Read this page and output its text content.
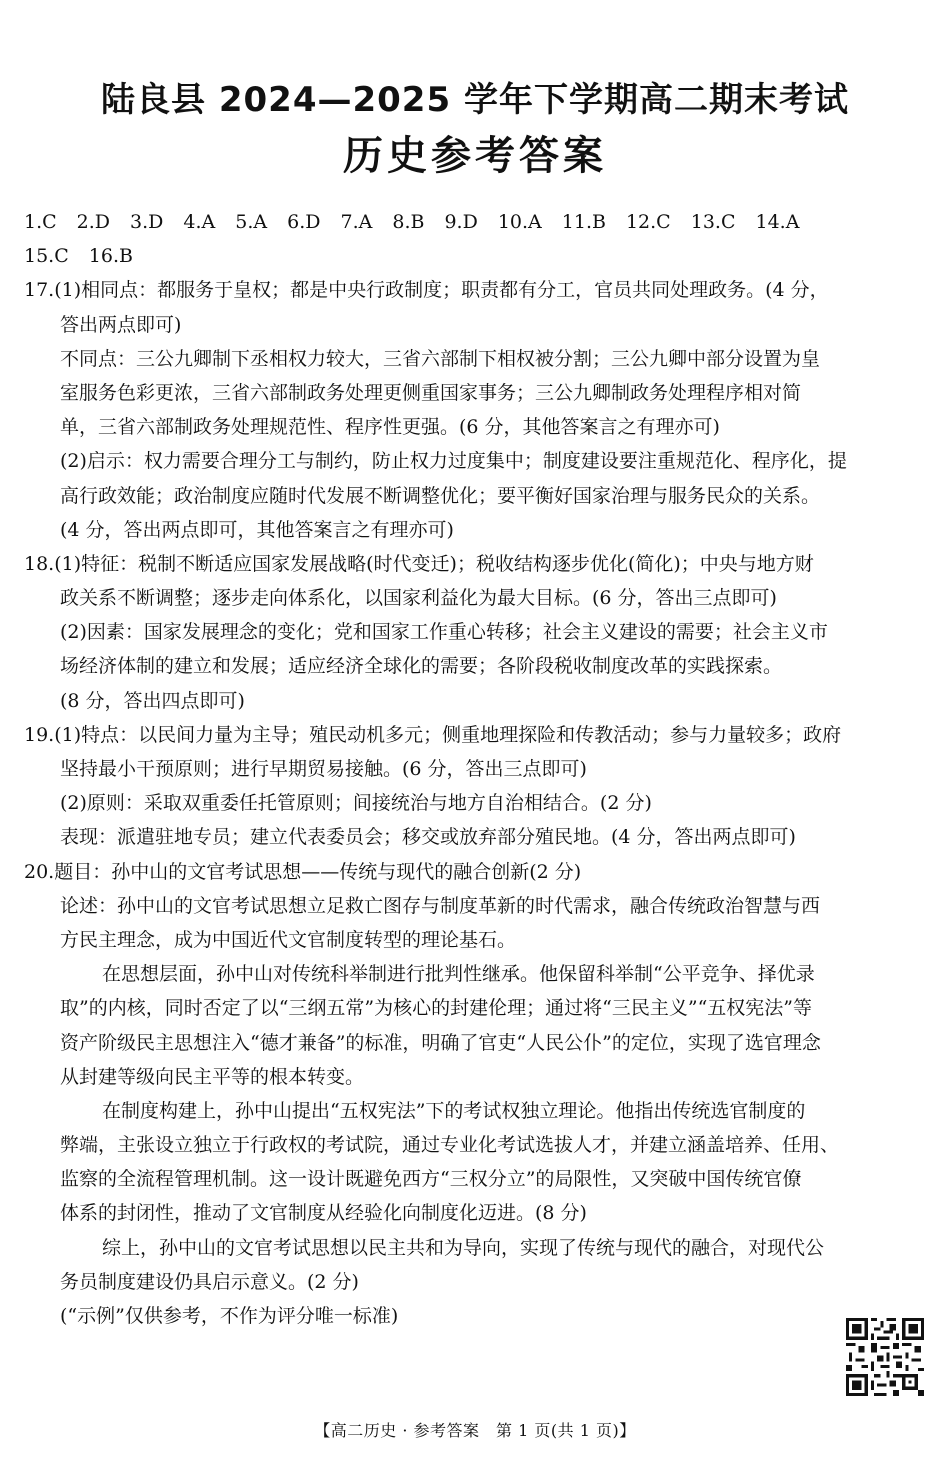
陆良县 2024—2025 学年下学期高二期末考试
历史参考答案
1.C 2.D 3.D 4.A 5.A 6.D 7.A 8.B 9.D 10.A 11.B 12.C 13.C 14.A
15.C 16.B
17.(1)相同点：都服务于皇权；都是中央行政制度；职责都有分工，官员共同处理政务。(4 分，
答出两点即可)
不同点：三公九卿制下丞相权力较大，三省六部制下相权被分割；三公九卿中部分设置为皇
室服务色彩更浓，三省六部制政务处理更侧重国家事务；三公九卿制政务处理程序相对简
单，三省六部制政务处理规范性、程序性更强。(6 分，其他答案言之有理亦可)
(2)启示：权力需要合理分工与制约，防止权力过度集中；制度建设要注重规范化、程序化，提
高行政效能；政治制度应随时代发展不断调整优化；要平衡好国家治理与服务民众的关系。
(4 分，答出两点即可，其他答案言之有理亦可)
18.(1)特征：税制不断适应国家发展战略(时代变迁)；税收结构逐步优化(简化)；中央与地方财
政关系不断调整；逐步走向体系化，以国家利益化为最大目标。(6 分，答出三点即可)
(2)因素：国家发展理念的变化；党和国家工作重心转移；社会主义建设的需要；社会主义市
场经济体制的建立和发展；适应经济全球化的需要；各阶段税收制度改革的实践探索。
(8 分，答出四点即可)
19.(1)特点：以民间力量为主导；殖民动机多元；侧重地理探险和传教活动；参与力量较多；政府
坚持最小干预原则；进行早期贸易接触。(6 分，答出三点即可)
(2)原则：采取双重委任托管原则；间接统治与地方自治相结合。(2 分)
表现：派遣驻地专员；建立代表委员会；移交或放弃部分殖民地。(4 分，答出两点即可)
20.题目：孙中山的文官考试思想——传统与现代的融合创新(2 分)
论述：孙中山的文官考试思想立足救亡图存与制度革新的时代需求，融合传统政治智慧与西
方民主理念，成为中国近代文官制度转型的理论基石。
在思想层面，孙中山对传统科举制进行批判性继承。他保留科举制“公平竞争、择优录
取”的内核，同时否定了以“三纲五常”为核心的封建伦理；通过将“三民主义”“五权宪法”等
资产阶级民主思想注入“德才兼备”的标准，明确了官吏“人民公仆”的定位，实现了选官理念
从封建等级向民主平等的根本转变。
在制度构建上，孙中山提出“五权宪法”下的考试权独立理论。他指出传统选官制度的
弊端，主张设立独立于行政权的考试院，通过专业化考试选拔人才，并建立涵盖培养、任用、
监察的全流程管理机制。这一设计既避免西方“三权分立”的局限性，又突破中国传统官僚
体系的封闭性，推动了文官制度从经验化向制度化迈进。(8 分)
综上，孙中山的文官考试思想以民主共和为导向，实现了传统与现代的融合，对现代公
务员制度建设仍具启示意义。(2 分)
(“示例”仅供参考，不作为评分唯一标准)
【高二历史 · 参考答案　第 1 页(共 1 页)】
